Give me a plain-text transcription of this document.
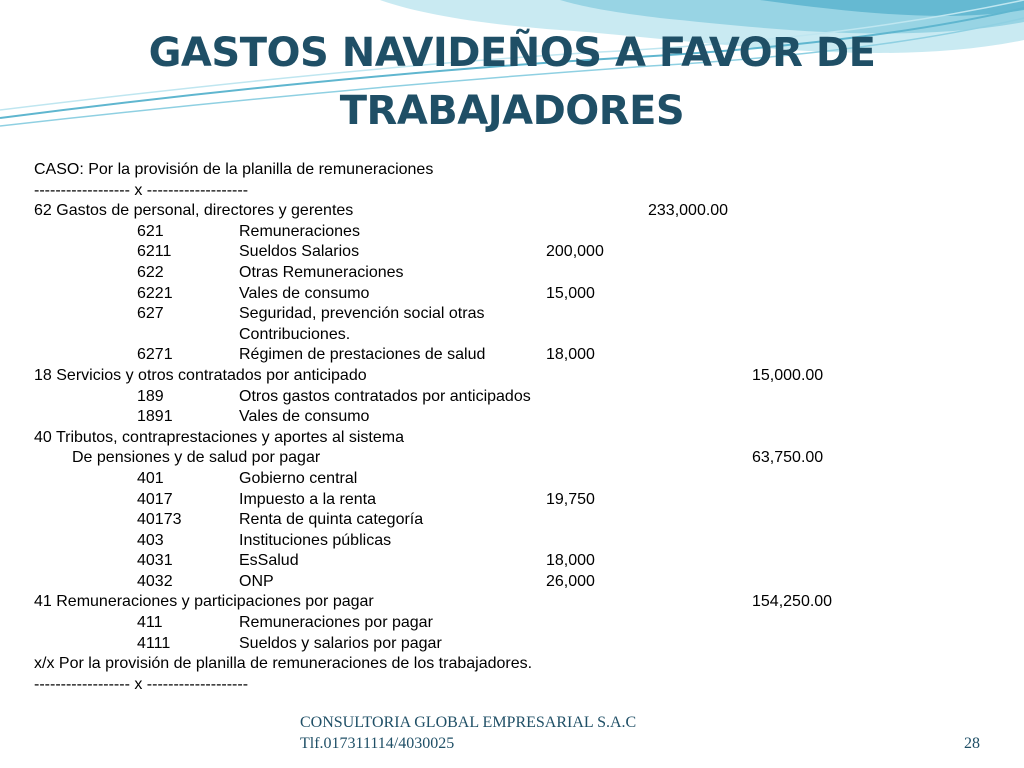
GASTOS NAVIDEÑOS A FAVOR DE
TRABAJADORES
CASO: Por la provisión de la planilla de remuneraciones
------------------ x -------------------
62 Gastos de personal, directores y gerentes	233,000.00
621	Remuneraciones
6211	Sueldos Salarios	200,000
622	Otras Remuneraciones
6221	Vales de consumo	15,000
627	Seguridad, prevención social otras
Contribuciones.
6271	Régimen de prestaciones de salud	18,000
18 Servicios y otros contratados por anticipado	15,000.00
189	Otros gastos contratados por anticipados
1891	Vales de consumo
40 Tributos, contraprestaciones y aportes al sistema
De pensiones y de salud por pagar	63,750.00
401	Gobierno central
4017	Impuesto a la renta	19,750
40173	Renta de quinta categoría
403	Instituciones públicas
4031	EsSalud	18,000
4032	ONP	26,000
41 Remuneraciones y participaciones por pagar	154,250.00
411	Remuneraciones por pagar
4111	Sueldos y salarios por pagar
x/x Por la provisión de planilla de remuneraciones de los trabajadores.
------------------ x -------------------
CONSULTORIA GLOBAL EMPRESARIAL S.A.C
Tlf.017311114/4030025	28
